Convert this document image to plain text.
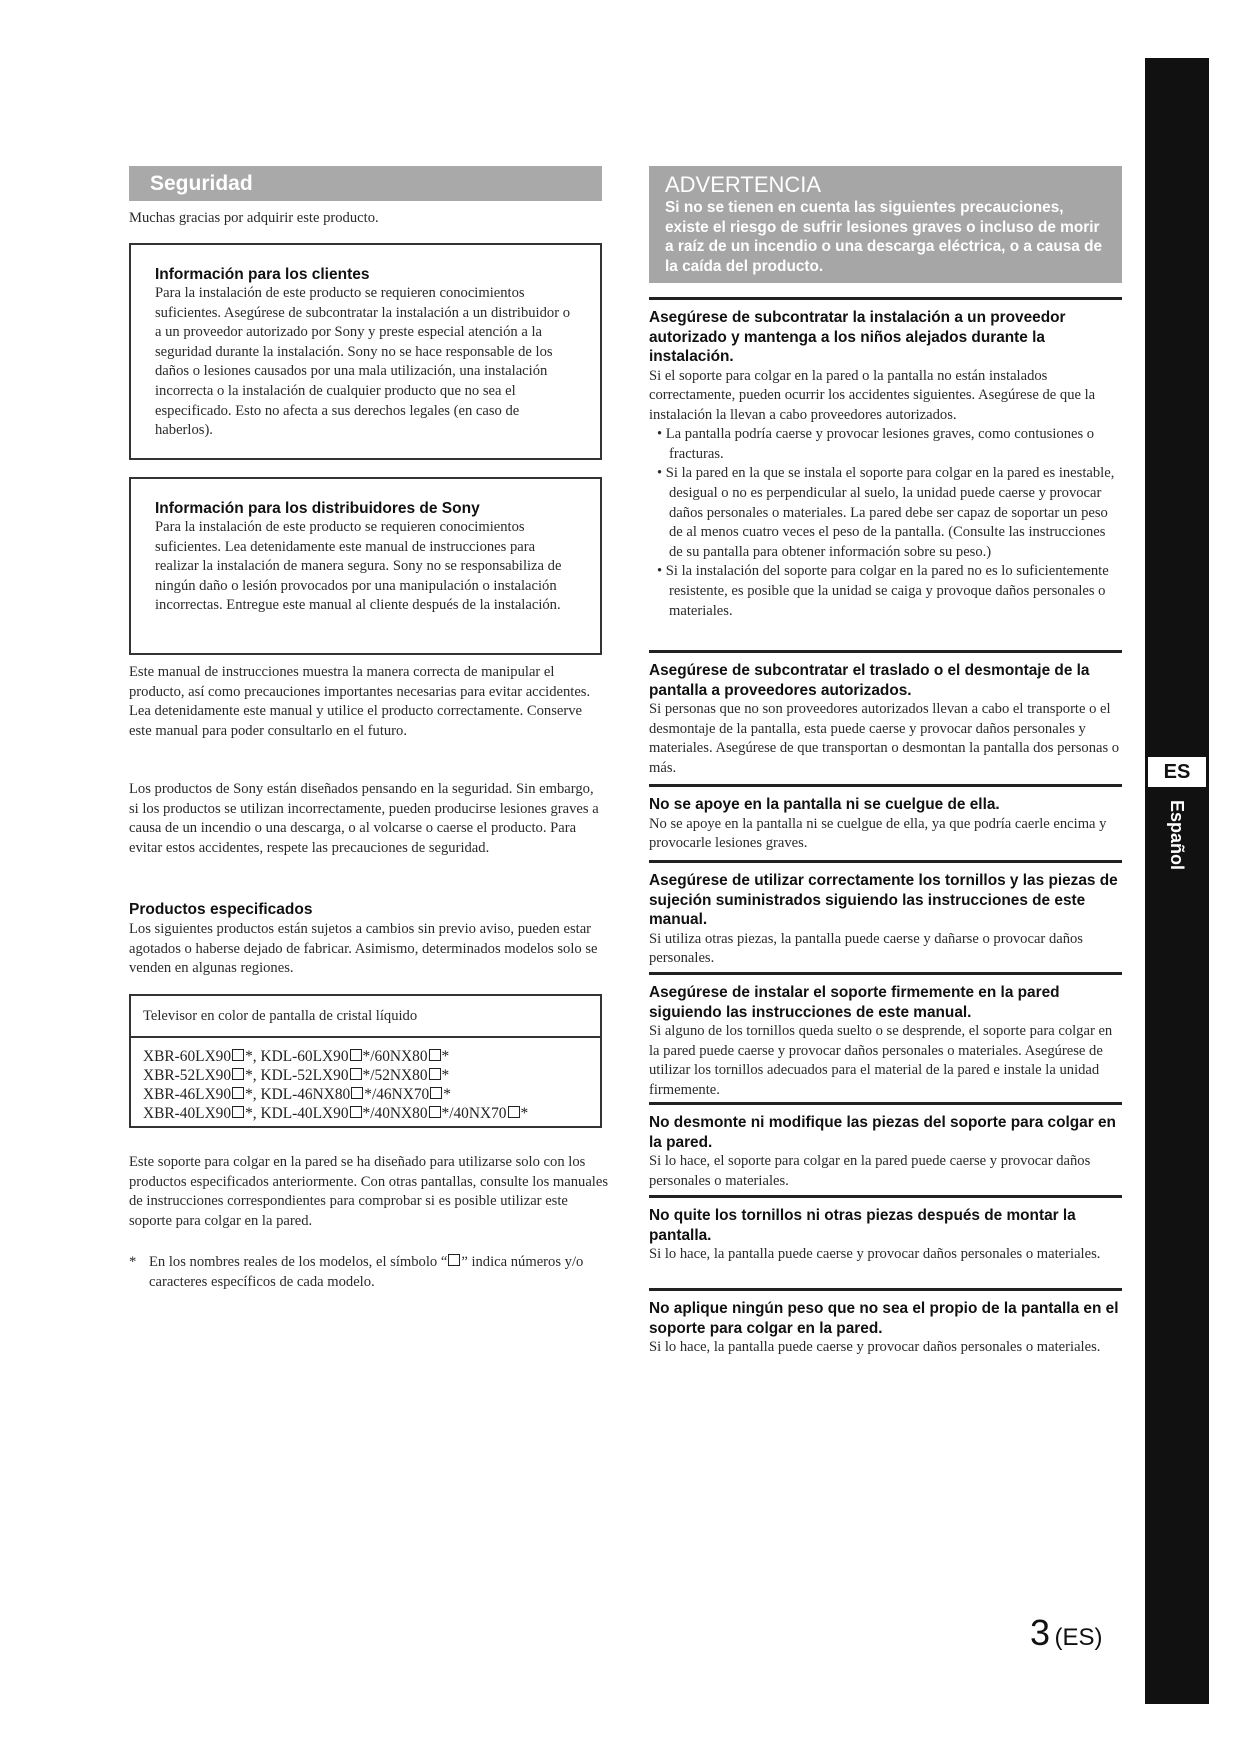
Seguridad

Muchas gracias por adquirir este producto.

Información para los clientes

Para la instalación de este producto se requieren conocimientos suficientes. Asegúrese de subcontratar la instalación a un distribuidor o a un proveedor autorizado por Sony y preste especial atención a la seguridad durante la instalación. Sony no se hace responsable de los daños o lesiones causados por una mala utilización, una instalación incorrecta o la instalación de cualquier producto que no sea el especificado. Esto no afecta a sus derechos legales (en caso de haberlos).

Información para los distribuidores de Sony

Para la instalación de este producto se requieren conocimientos suficientes. Lea detenidamente este manual de instrucciones para realizar la instalación de manera segura. Sony no se responsabiliza de ningún daño o lesión provocados por una manipulación o instalación incorrectas. Entregue este manual al cliente después de la instalación.

Este manual de instrucciones muestra la manera correcta de manipular el producto, así como precauciones importantes necesarias para evitar accidentes. Lea detenidamente este manual y utilice el producto correctamente. Conserve este manual para poder consultarlo en el futuro.

Los productos de Sony están diseñados pensando en la seguridad. Sin embargo, si los productos se utilizan incorrectamente, pueden producirse lesiones graves a causa de un incendio o una descarga, o al volcarse o caerse el producto. Para evitar estos accidentes, respete las precauciones de seguridad.

Productos especificados

Los siguientes productos están sujetos a cambios sin previo aviso, pueden estar agotados o haberse dejado de fabricar. Asimismo, determinados modelos solo se venden en algunas regiones.

Televisor en color de pantalla de cristal líquido
XBR-60LX90 *, KDL-60LX90 */60NX80 *
XBR-52LX90 *, KDL-52LX90 */52NX80 *
XBR-46LX90 *, KDL-46NX80 */46NX70 *
XBR-40LX90 *, KDL-40LX90 */40NX80 */40NX70 *

Este soporte para colgar en la pared se ha diseñado para utilizarse solo con los productos especificados anteriormente. Con otras pantallas, consulte los manuales de instrucciones correspondientes para comprobar si es posible utilizar este soporte para colgar en la pared.

* En los nombres reales de los modelos, el símbolo “ ” indica números y/o caracteres específicos de cada modelo.

ADVERTENCIA
Si no se tienen en cuenta las siguientes precauciones, existe el riesgo de sufrir lesiones graves o incluso de morir a raíz de un incendio o una descarga eléctrica, o a causa de la caída del producto.
Asegúrese de subcontratar la instalación a un proveedor autorizado y mantenga a los niños alejados durante la instalación.

Si el soporte para colgar en la pared o la pantalla no están instalados correctamente, pueden ocurrir los accidentes siguientes. Asegúrese de que la instalación la llevan a cabo proveedores autorizados.

• La pantalla podría caerse y provocar lesiones graves, como contusiones o fracturas.
• Si la pared en la que se instala el soporte para colgar en la pared es inestable, desigual o no es perpendicular al suelo, la unidad puede caerse y provocar daños personales o materiales. La pared debe ser capaz de soportar un peso de al menos cuatro veces el peso de la pantalla. (Consulte las instrucciones de su pantalla para obtener información sobre su peso.)
• Si la instalación del soporte para colgar en la pared no es lo suficientemente resistente, es posible que la unidad se caiga y provoque daños personales o materiales.
Asegúrese de subcontratar el traslado o el desmontaje de la pantalla a proveedores autorizados.

Si personas que no son proveedores autorizados llevan a cabo el transporte o el desmontaje de la pantalla, esta puede caerse y provocar daños personales y materiales. Asegúrese de que transportan o desmontan la pantalla dos personas o más.

No se apoye en la pantalla ni se cuelgue de ella.

No se apoye en la pantalla ni se cuelgue de ella, ya que podría caerle encima y provocarle lesiones graves.

Asegúrese de utilizar correctamente los tornillos y las piezas de sujeción suministrados siguiendo las instrucciones de este manual.

Si utiliza otras piezas, la pantalla puede caerse y dañarse o provocar daños personales.

Asegúrese de instalar el soporte firmemente en la pared siguiendo las instrucciones de este manual.

Si alguno de los tornillos queda suelto o se desprende, el soporte para colgar en la pared puede caerse y provocar daños personales o materiales. Asegúrese de utilizar los tornillos adecuados para el material de la pared e instale la unidad firmemente.

No desmonte ni modifique las piezas del soporte para colgar en la pared.

Si lo hace, el soporte para colgar en la pared puede caerse y provocar daños personales o materiales.

No quite los tornillos ni otras piezas después de montar la pantalla.

Si lo hace, la pantalla puede caerse y provocar daños personales o materiales.

No aplique ningún peso que no sea el propio de la pantalla en el soporte para colgar en la pared.

Si lo hace, la pantalla puede caerse y provocar daños personales o materiales.

ES
Español
3 (ES)
